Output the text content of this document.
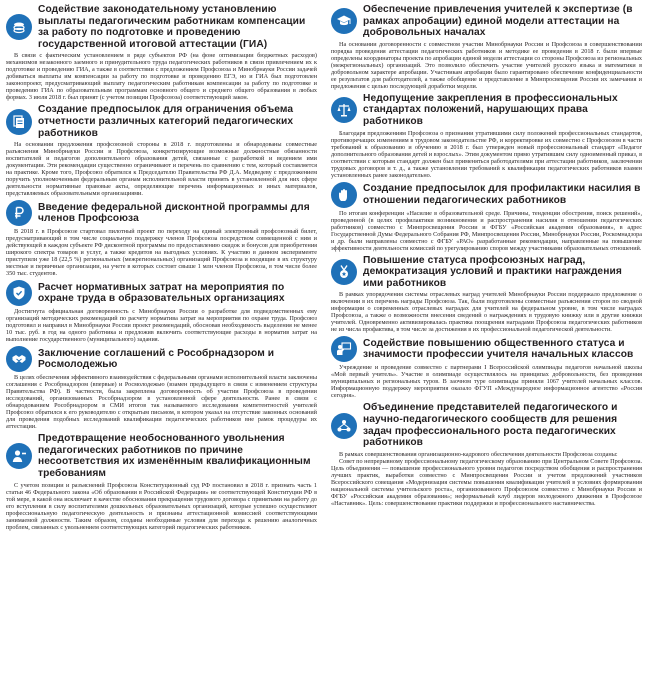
Содействие законодательному установлению выплаты педагогическим работникам компенсации за работу по подготовке и проведению государственной итоговой аттестации (ГИА)

В связи с фактическим установлением в ряде субъектов РФ (на фоне оптимизации бюджетных расходов) механизмов незаконного заемного и принудительного труда педагогических работников в связи привлечением их к подготовке и проведению ГИА, а также в соответствии с предложением Профсоюза и Минобрнауки России задачей добиваться выплаты им компенсации за работу по подготовке и проведению ЕГЭ, но и ГИА был подготовлен законопроект, предусматривающий выплату педагогическим работникам компенсации за работу по подготовке и проведению ГИА по образовательным программам основного общего и среднего общего образования в любых формах. 3 июля 2018 г. был принят (с учетом позиции Профсоюза) соответствующий закон.

Создание предпосылок для ограничения объема отчетности различных категорий педагогических работников

На основании предложения профсоюзной стороны в 2018 г. подготовлены и обнародованы совместные разъяснения Минобрнауки России и Профсоюза, конкретизирующие возможные должностные обязанности воспитателей и педагогов дополнительного образования детей, связанные с разработкой и ведением ими документации. Эти рекомендации существенно ограничивают и перечень по сравнению с тем, который составляется на практике. Кроме того, Профсоюз обратился к Председателю Правительства РФ Д.А. Медведеву с предложением поручить уполномоченным федеральным органам исполнительной власти принять в установленной для них сфере деятельности нормативные правовые акты, определяющие перечень информационных и иных материалов, представляемых образовательными организациями.

Введение федеральной дисконтной программы для членов Профсоюза

В 2018 г. в Профсоюзе стартовал пилотный проект по переходу на единый электронный профсоюзный билет, предусматривающий в том числе социальную поддержку членов Профсоюза посредством совмещенной с ним и действующей в каждом субъекте РФ дисконтной программы по предоставлению скидок и бонусов для приобретения широкого спектра товаров и услуг, а также кредитов на выгодных условиях. К участию в данном эксперименте приступили уже 18 (22,5 %) региональных (межрегиональных) организаций Профсоюза и входящие в их структуру местные и первичные организации, на учете в которых состоит свыше 1 млн членов Профсоюза, в том числе более 350 тыс. студентов.

Расчет нормативных затрат на мероприятия по охране труда в образовательных организациях

Достигнута официальная договоренность с Минобрнауки России о разработке для подведомственных ему организаций методических рекомендаций по расчету норматива затрат на мероприятия по охране труда. Профсоюз подготовил и направил в Минобрнауки России проект рекомендаций, обосновав необходимость выделения не менее 10 тыс. руб. в год на одного работника и предложив включить соответствующие расходы в норматив затрат на выполнение государственного (муниципального) задания.

Заключение соглашений с Рособрнадзором и Росмолодежью

В целях обеспечения эффективного взаимодействия с федеральными органами исполнительной власти заключены соглашения с Рособрнадзором (впервые) и Росмолодежью (взамен предыдущего в связи с изменением структуры Правительства РФ). В частности, была закреплена договоренность об участии Профсоюза в проведении исследований, организованных Рособрнадзором в установленной сфере деятельности. Ранее в связи с обнародованием Рособрнадзором в СМИ итогов так называемого исследования компетентностей учителей Профсоюз обратился к его руководителю с открытым письмом, в котором указал на отсутствие законных оснований для проведения подобных исследований квалификации педагогических работников вне рамок процедуры их аттестации.

Предотвращение необоснованного увольнения педагогических работников по причине несоответствия их изменённым квалификационным требованиям

С учетом позиции и разъяснений Профсоюза Конституционный суд РФ постановил в 2018 г. признать часть 1 статьи 46 Федерального закона «Об образовании в Российской Федерации» не соответствующей Конституции РФ в той мере, в какой она исключает в качестве обоснования прекращения трудового договора с принятыми на работу до его вступления в силу воспитателями дошкольных образовательных организаций, которые успешно осуществляют профессиональную педагогическую деятельность и признаны аттестационной комиссией соответствующими занимаемой должности. Таким образом, созданы необходимые условия для перехода к решению аналогичных проблем, связанных с увольнением соответствующих категорий педагогических работников.

Обеспечение привлечения учителей к экспертизе (в рамках апробации) единой модели аттестации на добровольных началах

На основании договоренности с совместном участии Минобрнауки России и Профсоюза в совершенствовании порядка проведения аттестации педагогических работников и методике ее проведения в 2018 г. были впервые определены координаторы проекта по апробации единой модели аттестации со стороны Профсоюза из региональных (межрегиональных) организаций. Это позволило обеспечить участие учителей русского языка и математики в добровольном характере апробации. Участникам апробации было гарантировано обеспечение конфиденциальности ее результатов для работодателей, а также обобщение и представление в Минпросвещения России их замечания и предложения с целью последующей доработки модели.

Недопущение закрепления в профессиональных стандартах положений, нарушающих права работников

Благодаря предложениям Профсоюза о признании утратившими силу положений профессиональных стандартов, противоречащих изменениям в трудовом законодательстве РФ, и корректировке их совместно с Профсоюзом в части требований к образованию и обучению в 2018 г. был утвержден новый профессиональный стандарт «Педагог дополнительного образования детей и взрослых». Этим документом прямо утратившим силу одноименный приказ, в соответствии с которым стандарт должен был применяться работодателями при аттестации работников, заключении трудовых договоров и т. д., а также установлении требований к квалификации педагогических работников взамен установленных ранее законодательно.

Создание предпосылок для профилактики насилия в отношении педагогических работников

По итогам конференции «Насилие в образовательной среде. Причины, тенденции обострения, поиск решений», проведенной (в целях профилактики возникновения и распространения насилия в отношении педагогических работников) совместно с Минпросвещения России и ФГБУ «Российская академия образования», в адрес Государственной Думы Федерального Собрания РФ, Минпросвещения России, Минобрнауки России, Роскомнадзора и др. были направлены совместно с ФГБУ «РАО» разработанные рекомендации, направленные на повышение эффективности деятельности комиссий по урегулированию споров между участниками образовательных отношений.

Повышение статуса профсоюзных наград, демократизация условий и практики награждения ими работников

В рамках упорядочения системы отраслевых наград учителей Минобрнауки России поддержало предложение о включении в их перечень награды Профсоюза. Так, были подготовлены совместные разъяснения сторон по сводной информации о современных отраслевых наградах для учителей на федеральном уровне, в том числе наградах Профсоюза, а также о возможности внесения сведений о награждениях в трудовую книжку или в другие книжки учителей. Одновременно активизировалась практика поощрения наградами Профсоюза педагогических работников не из числа профактива, в том числе за достижения в их профессиональной педагогической деятельности.

Содействие повышению общественного статуса и значимости профессии учителя начальных классов

Учреждение и проведение совместно с партнерами I Всероссийской олимпиады педагогов начальной школы «Мой первый учитель». Участие в олимпиаде осуществлялось на принципах добровольности, без проведения муниципальных и региональных туров. В заочном туре олимпиады приняли 1067 учителей начальных классов. Информационную поддержку мероприятия оказало ФГУП «Международное информационное агентство «Россия сегодня».

Объединение представителей педагогического и научно-педагогического сообществ для решения задач профессионального роста педагогических работников

В рамках совершенствования организационно-кадрового обеспечения деятельности Профсоюза созданы:

Совет по непрерывному профессиональному педагогическому образованию при Центральном Совете Профсоюза. Цель объединения — повышение профессионального уровня педагогов посредством обобщения и распространения лучших практик, выработки совместно с Минпросвещения России и учетом предложений участников Всероссийского совещания «Модернизация системы повышения квалификации учителей в условиях формирования национальной системы учительского роста», организованного Профсоюзом совместно с Минобрнауки России и ФГБУ «Российская академия образования»; неформальный клуб лидеров молодежного движения в Профсоюзе «Наставник». Цель: совершенствование практики поддержки и профессионального наставничества.
